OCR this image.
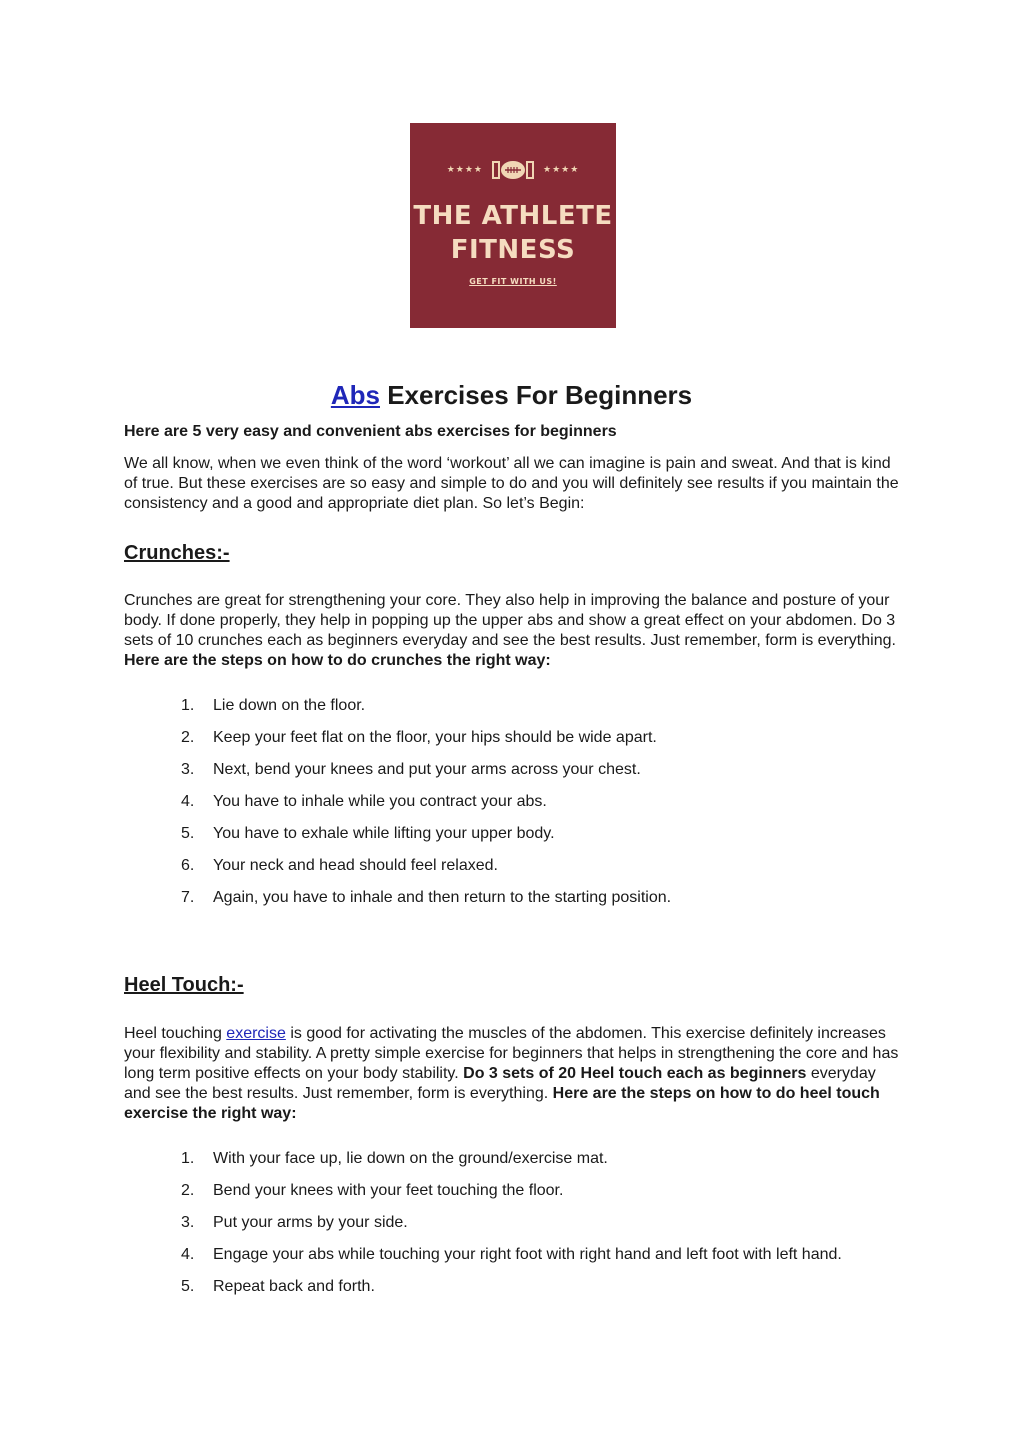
★★★★	★★★★
THE ATHLETE
FITNESS
GET FIT WITH US!
Abs Exercises For Beginners

Here are 5 very easy and convenient abs exercises for beginners

We all know, when we even think of the word ‘workout’ all we can imagine is pain and sweat. And that is kind of true. But these exercises are so easy and simple to do and you will definitely see results if you maintain the consistency and a good and appropriate diet plan. So let’s Begin:

Crunches:-

Crunches are great for strengthening your core. They also help in improving the balance and posture of your body. If done properly, they help in popping up the upper abs and show a great effect on your abdomen. Do 3 sets of 10 crunches each as beginners everyday and see the best results. Just remember, form is everything. Here are the steps on how to do crunches the right way:

1.	Lie down on the floor.
2.	Keep your feet flat on the floor, your hips should be wide apart.
3.	Next, bend your knees and put your arms across your chest.
4.	You have to inhale while you contract your abs.
5.	You have to exhale while lifting your upper body.
6.	Your neck and head should feel relaxed.
7.	Again, you have to inhale and then return to the starting position.
Heel Touch:-

Heel touching exercise is good for activating the muscles of the abdomen. This exercise definitely increases your flexibility and stability. A pretty simple exercise for beginners that helps in strengthening the core and has long term positive effects on your body stability. Do 3 sets of 20 Heel touch each as beginners everyday and see the best results. Just remember, form is everything. Here are the steps on how to do heel touch exercise the right way:

1.	With your face up, lie down on the ground/exercise mat.
2.	Bend your knees with your feet touching the floor.
3.	Put your arms by your side.
4.	Engage your abs while touching your right foot with right hand and left foot with left hand.
5.	Repeat back and forth.
